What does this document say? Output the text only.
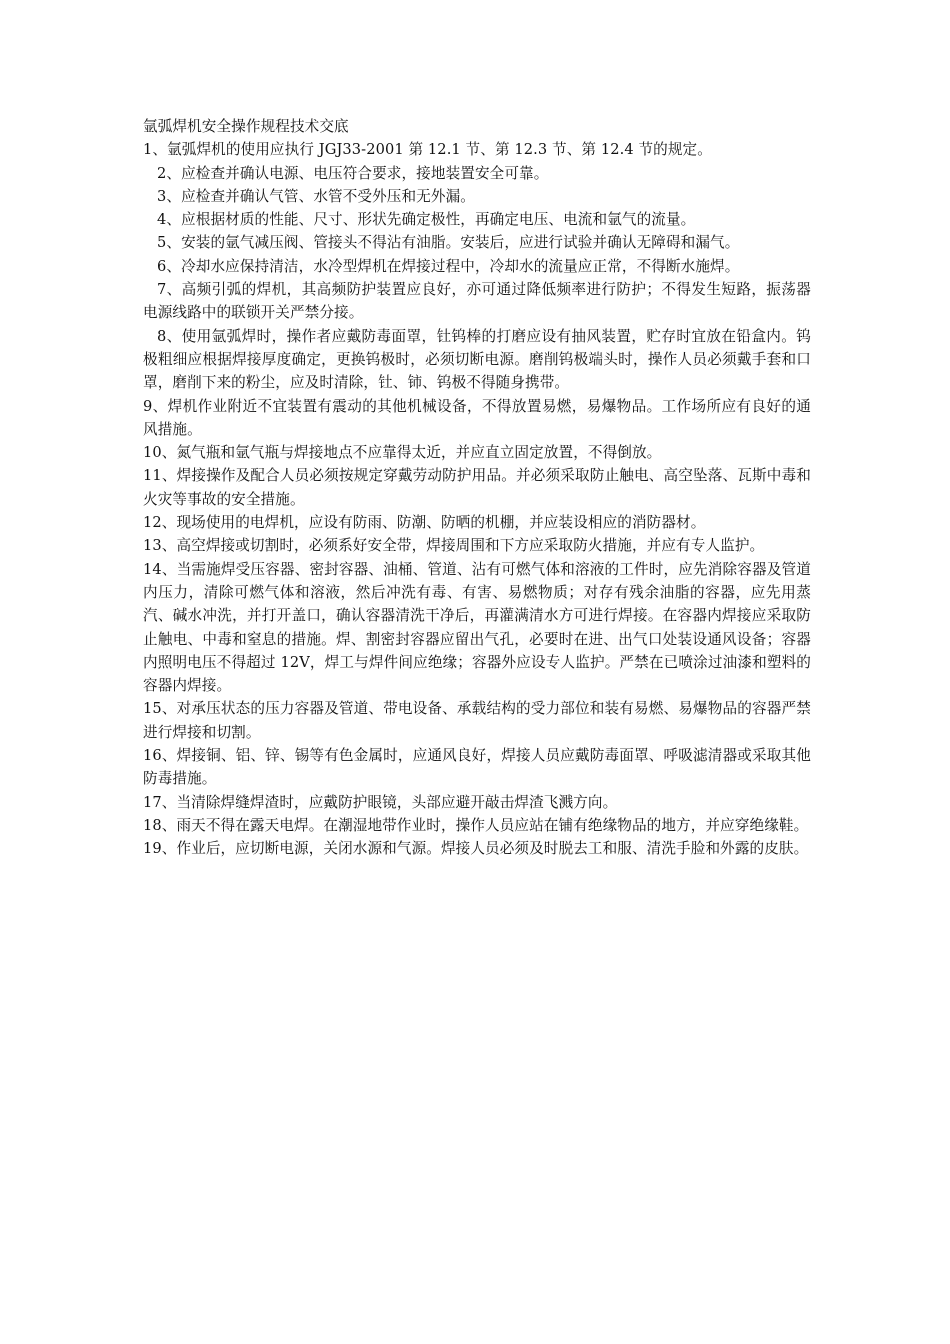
氩弧焊机安全操作规程技术交底

1、氩弧焊机的使用应执行 JGJ33-2001 第 12.1 节、第 12.3 节、第 12.4 节的规定。

2、应检查并确认电源、电压符合要求，接地装置安全可靠。

3、应检查并确认气管、水管不受外压和无外漏。

4、应根据材质的性能、尺寸、形状先确定极性，再确定电压、电流和氩气的流量。

5、安装的氩气减压阀、管接头不得沾有油脂。安装后，应进行试验并确认无障碍和漏气。

6、冷却水应保持清洁，水冷型焊机在焊接过程中，冷却水的流量应正常，不得断水施焊。

7、高频引弧的焊机，其高频防护装置应良好，亦可通过降低频率进行防护；不得发生短路，振荡器电源线路中的联锁开关严禁分接。

8、使用氩弧焊时，操作者应戴防毒面罩，钍钨棒的打磨应设有抽风装置，贮存时宜放在铅盒内。钨极粗细应根据焊接厚度确定，更换钨极时，必须切断电源。磨削钨极端头时，操作人员必须戴手套和口罩，磨削下来的粉尘，应及时清除，钍、铈、钨极不得随身携带。

9、焊机作业附近不宜装置有震动的其他机械设备，不得放置易燃，易爆物品。工作场所应有良好的通风措施。

10、氮气瓶和氩气瓶与焊接地点不应靠得太近，并应直立固定放置，不得倒放。

11、焊接操作及配合人员必须按规定穿戴劳动防护用品。并必须采取防止触电、高空坠落、瓦斯中毒和火灾等事故的安全措施。

12、现场使用的电焊机，应设有防雨、防潮、防晒的机棚，并应装设相应的消防器材。

13、高空焊接或切割时，必须系好安全带，焊接周围和下方应采取防火措施，并应有专人监护。

14、当需施焊受压容器、密封容器、油桶、管道、沾有可燃气体和溶液的工件时，应先消除容器及管道内压力，清除可燃气体和溶液，然后冲洗有毒、有害、易燃物质；对存有残余油脂的容器，应先用蒸汽、碱水冲洗，并打开盖口，确认容器清洗干净后，再灌满清水方可进行焊接。在容器内焊接应采取防止触电、中毒和窒息的措施。焊、割密封容器应留出气孔，必要时在进、出气口处装设通风设备；容器内照明电压不得超过 12V，焊工与焊件间应绝缘；容器外应设专人监护。严禁在已喷涂过油漆和塑料的容器内焊接。

15、对承压状态的压力容器及管道、带电设备、承载结构的受力部位和装有易燃、易爆物品的容器严禁进行焊接和切割。

16、焊接铜、铝、锌、锡等有色金属时，应通风良好，焊接人员应戴防毒面罩、呼吸滤清器或采取其他防毒措施。

17、当清除焊缝焊渣时，应戴防护眼镜，头部应避开敲击焊渣飞溅方向。

18、雨天不得在露天电焊。在潮湿地带作业时，操作人员应站在铺有绝缘物品的地方，并应穿绝缘鞋。

19、作业后，应切断电源，关闭水源和气源。焊接人员必须及时脱去工和服、清洗手脸和外露的皮肤。
